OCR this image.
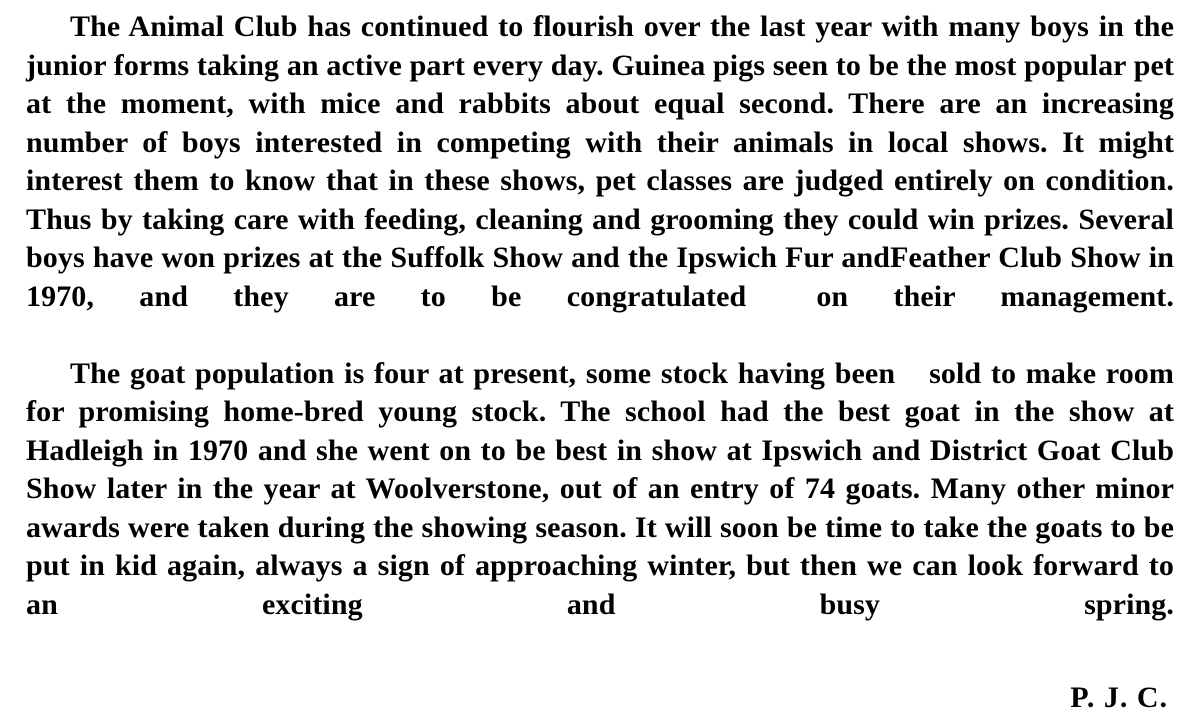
The Animal Club has continued to flourish over the last year with many boys in the junior forms taking an active part every day. Guinea pigs seen to be the most popular pet at the moment, with mice and rabbits about equal second. There are an increasing number of boys interested in competing with their animals in local shows. It might interest them to know that in these shows, pet classes are judged entirely on condition. Thus by taking care with feeding, cleaning and grooming they could win prizes. Several boys have won prizes at the Suffolk Show and the Ipswich Fur andFeather Club Show in 1970, and they are to be congratulated on their management.

The goat population is four at present, some stock having been sold to make room for promising home-bred young stock. The school had the best goat in the show at Hadleigh in 1970 and she went on to be best in show at Ipswich and District Goat Club Show later in the year at Woolverstone, out of an entry of 74 goats. Many other minor awards were taken during the showing season. It will soon be time to take the goats to be put in kid again, always a sign of approaching winter, but then we can look forward to an exciting and busy spring.

P. J. C.
